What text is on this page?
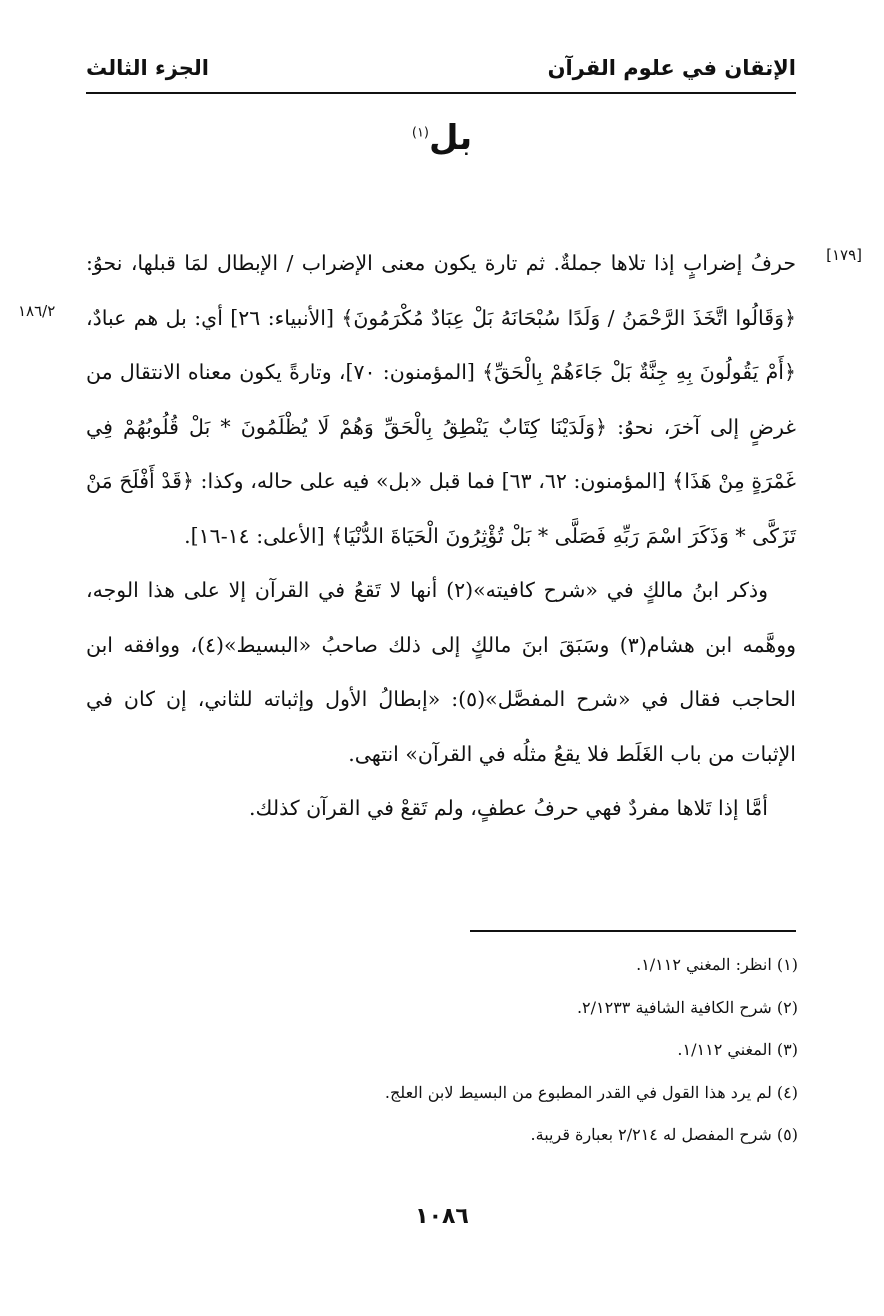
الإتقان في علوم القرآن
الجزء الثالث
بل$^{(١)}$
[١٧٩]
١٨٦/٢

حرفُ إضرابٍ إذا تلاها جملةٌ. ثم تارة يكون معنى الإضراب / الإبطال لمَا قبلها، نحوُ: ﴿وَقَالُوا اتَّخَذَ الرَّحْمَنُ / وَلَدًا سُبْحَانَهُ بَلْ عِبَادٌ مُكْرَمُونَ﴾ [الأنبياء: ٢٦] أي: بل هم عبادٌ، ﴿أَمْ يَقُولُونَ بِهِ جِنَّةٌ بَلْ جَاءَهُمْ بِالْحَقِّ﴾ [المؤمنون: ٧٠]، وتارةً يكون معناه الانتقال من غرضٍ إلى آخرَ، نحوُ: ﴿وَلَدَيْنَا كِتَابٌ يَنْطِقُ بِالْحَقِّ وَهُمْ لَا يُظْلَمُونَ * بَلْ قُلُوبُهُمْ فِي غَمْرَةٍ مِنْ هَذَا﴾ [المؤمنون: ٦٢، ٦٣] فما قبل «بل» فيه على حاله، وكذا: ﴿قَدْ أَفْلَحَ مَنْ تَزَكَّى * وَذَكَرَ اسْمَ رَبِّهِ فَصَلَّى * بَلْ تُؤْثِرُونَ الْحَيَاةَ الدُّنْيَا﴾ [الأعلى: ١٤-١٦].

وذكر ابنُ مالكٍ في «شرح كافيته»(٢) أنها لا تَقعُ في القرآن إلا على هذا الوجه، ووهَّمه ابن هشام(٣) وسَبَقَ ابنَ مالكٍ إلى ذلك صاحبُ «البسيط»(٤)، ووافقه ابن الحاجب فقال في «شرح المفصَّل»(٥): «إبطالُ الأول وإثباته للثاني، إن كان في الإثبات من باب الغَلَط فلا يقعُ مثلُه في القرآن» انتهى.

أمَّا إذا تَلاها مفردٌ فهي حرفُ عطفٍ، ولم تَقعْ في القرآن كذلك.

(١) انظر: المغني ١/١١٢.
(٢) شرح الكافية الشافية ٢/١٢٣٣.
(٣) المغني ١/١١٢.
(٤) لم يرد هذا القول في القدر المطبوع من البسيط لابن العلج.
(٥) شرح المفصل له ٢/٢١٤ بعبارة قريبة.
١٠٨٦
